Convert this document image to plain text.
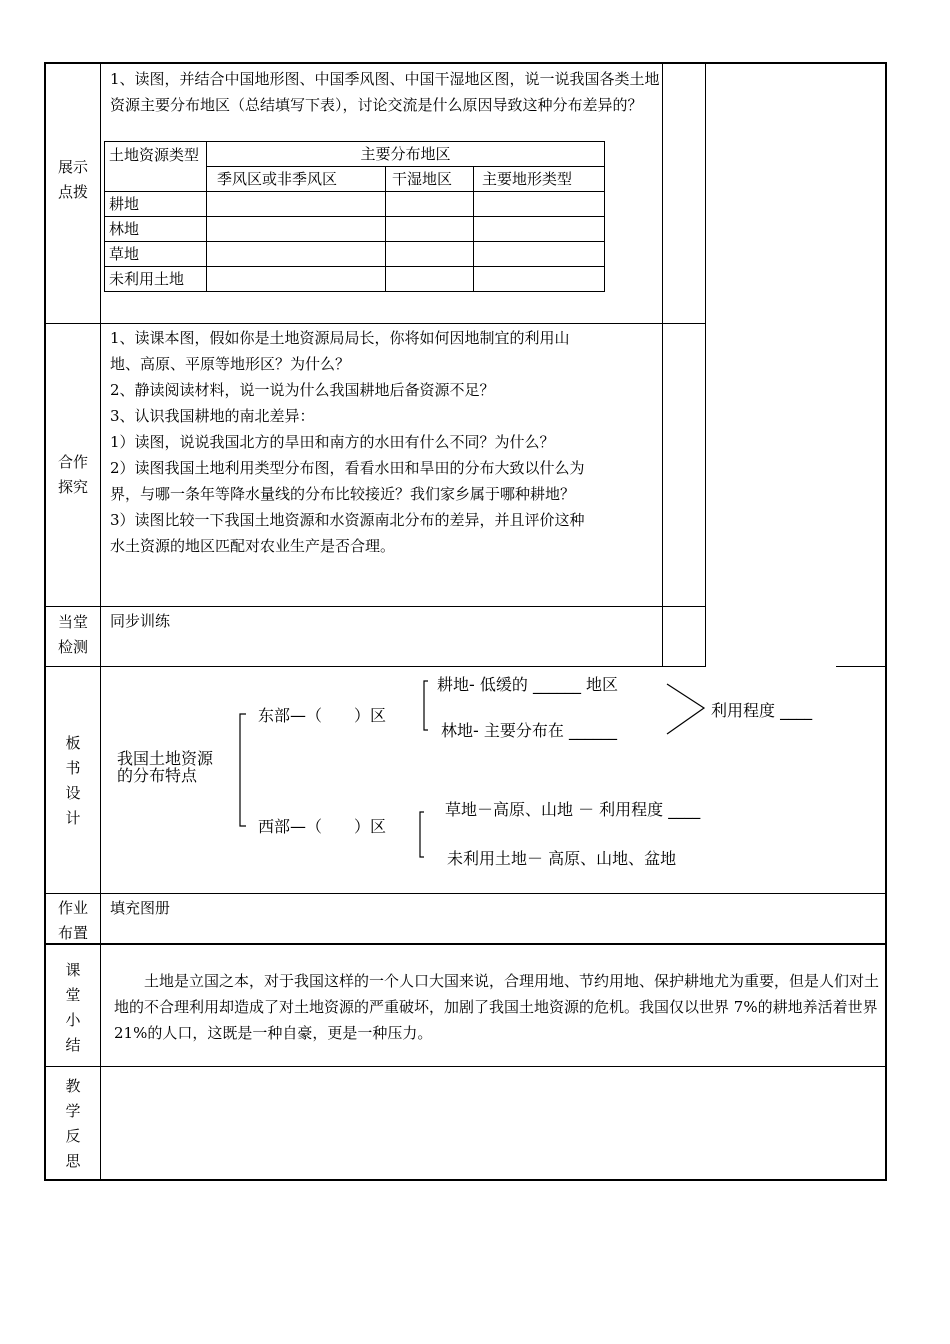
展示
点拨
1、读图，并结合中国地形图、中国季风图、中国干湿地区图，说一说我国各类土地资源主要分布地区（总结填写下表），讨论交流是什么原因导致这种分布差异的？
土地资源类型	主要分布地区		
	季风区或非季风区	干湿地区	主要地形类型
耕地			
林地			
草地			
未利用土地			
合作
探究
1、读课本图，假如你是土地资源局局长，你将如何因地制宜的利用山
地、高原、平原等地形区？为什么？
2、静读阅读材料，说一说为什么我国耕地后备资源不足？
3、认识我国耕地的南北差异：
1）读图，说说我国北方的旱田和南方的水田有什么不同？为什么？
2）读图我国土地利用类型分布图，看看水田和旱田的分布大致以什么为
界，与哪一条年等降水量线的分布比较接近？我们家乡属于哪种耕地？
3）读图比较一下我国土地资源和水资源南北分布的差异，并且评价这种
水土资源的地区匹配对农业生产是否合理。
当堂
检测
同步训练
板
书
设
计
我国土地资源
的分布特点
东部—（　　）区
耕地- 低缓的 ______ 地区
林地- 主要分布在 ______
利用程度 ____
西部—（　　）区
草地－高原、山地 － 利用程度 ____
未利用土地－ 高原、山地、盆地
作业
布置
填充图册
课
堂
小
结

土地是立国之本，对于我国这样的一个人口大国来说，合理用地、节约用地、保护耕地尤为重要，但是人们对土地的不合理利用却造成了对土地资源的严重破坏，加剧了我国土地资源的危机。我国仅以世界 7%的耕地养活着世界 21%的人口，这既是一种自豪，更是一种压力。

教
学
反
思
